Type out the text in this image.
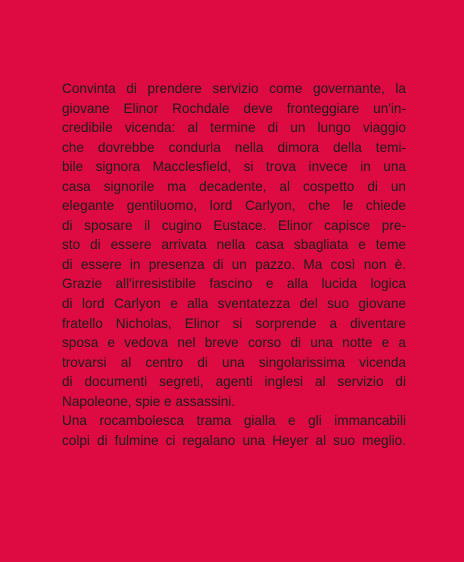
Convinta di prendere servizio come governante, la
giovane Elinor Rochdale deve fronteggiare un'in-
credibile vicenda: al termine di un lungo viaggio
che dovrebbe condurla nella dimora della temi-
bile signora Macclesfield, si trova invece in una
casa signorile ma decadente, al cospetto di un
elegante gentiluomo, lord Carlyon, che le chiede
di sposare il cugino Eustace. Elinor capisce pre-
sto di essere arrivata nella casa sbagliata e teme
di essere in presenza di un pazzo. Ma così non è.
Grazie all'irresistibile fascino e alla lucida logica
di lord Carlyon e alla sventatezza del suo giovane
fratello Nicholas, Elinor si sorprende a diventare
sposa e vedova nel breve corso di una notte e a
trovarsi al centro di una singolarissima vicenda
di documenti segreti, agenti inglesi al servizio di
Napoleone, spie e assassini.

Una rocambolesca trama gialla e gli immancabili
colpi di fulmine ci regalano una Heyer al suo meglio.
